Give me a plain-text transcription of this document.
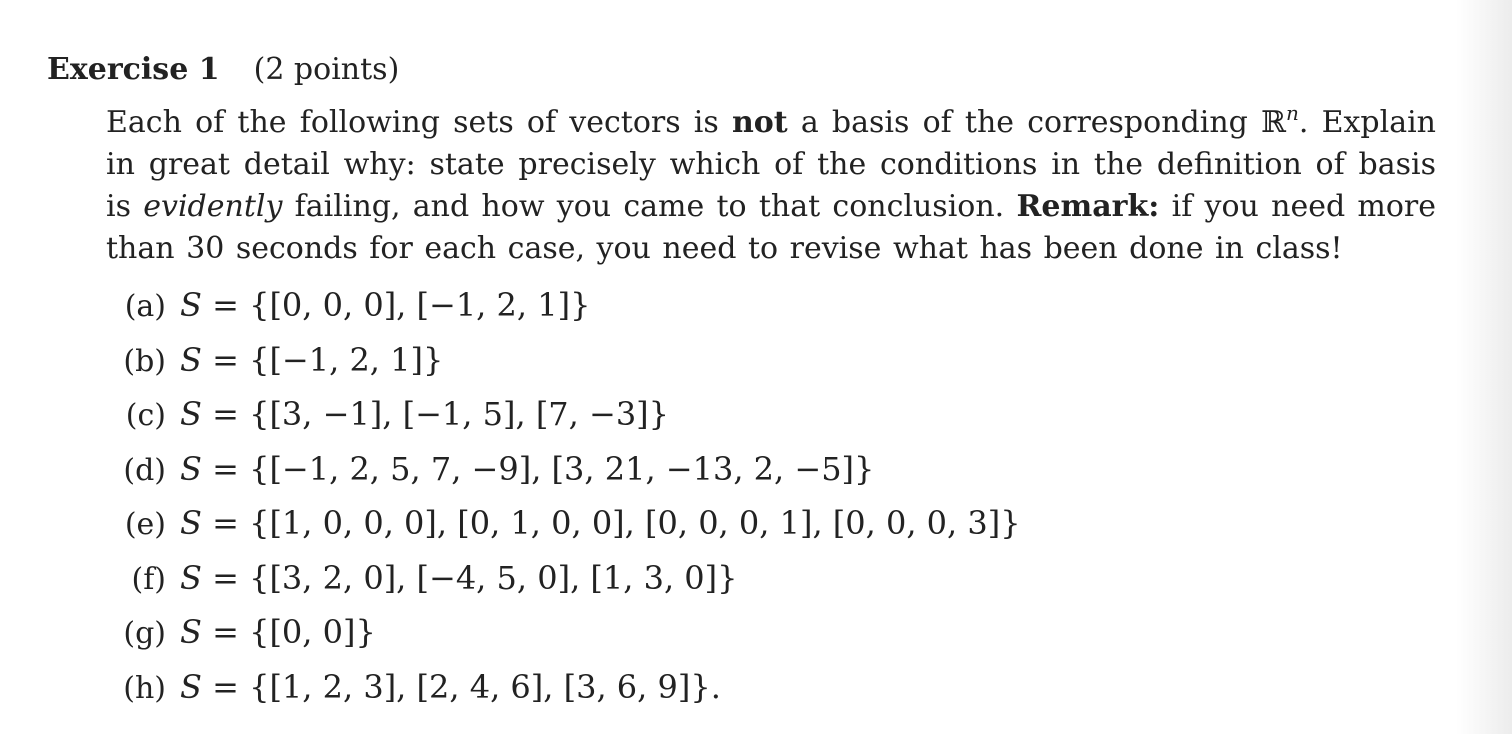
Exercise 1 (2 points)

Each of the following sets of vectors is not a basis of the corresponding ℝ$^n$. Explain in great detail why: state precisely which of the conditions in the definition of basis is evidently failing, and how you came to that conclusion. Remark: if you need more than 30 seconds for each case, you need to revise what has been done in class!

(a) S = {[0, 0, 0], [−1, 2, 1]}
(b) S = {[−1, 2, 1]}
(c) S = {[3, −1], [−1, 5], [7, −3]}
(d) S = {[−1, 2, 5, 7, −9], [3, 21, −13, 2, −5]}
(e) S = {[1, 0, 0, 0], [0, 1, 0, 0], [0, 0, 0, 1], [0, 0, 0, 3]}
(f) S = {[3, 2, 0], [−4, 5, 0], [1, 3, 0]}
(g) S = {[0, 0]}
(h) S = {[1, 2, 3], [2, 4, 6], [3, 6, 9]}.
